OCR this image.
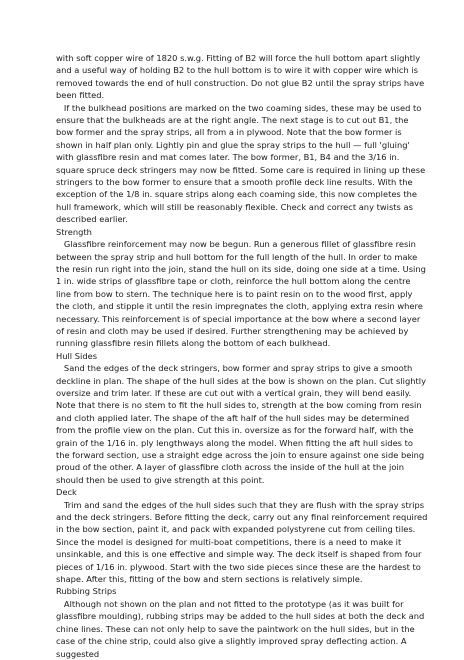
with soft copper wire of 1820 s.w.g. Fitting of B2 will force the hull bottom apart slightly and a useful way of holding B2 to the hull bottom is to wire it with copper wire which is removed towards the end of hull construction. Do not glue B2 until the spray strips have been fitted.

If the bulkhead positions are marked on the two coaming sides, these may be used to ensure that the bulkheads are at the right angle. The next stage is to cut out B1, the bow former and the spray strips, all from a in plywood. Note that the bow former is shown in half plan only. Lightly pin and glue the spray strips to the hull — full 'gluing' with glassfibre resin and mat comes later. The bow former, B1, B4 and the 3/16 in. square spruce deck stringers may now be fitted. Some care is required in lining up these stringers to the bow former to ensure that a smooth profile deck line results. With the exception of the 1/8 in. square strips along each coaming side, this now completes the hull framework, which will still be reasonably flexible. Check and correct any twists as described earlier.

Strength

Glassfibre reinforcement may now be begun. Run a generous fillet of glassfibre resin between the spray strip and hull bottom for the full length of the hull. In order to make the resin run right into the join, stand the hull on its side, doing one side at a time. Using 1 in. wide strips of glassfibre tape or cloth, reinforce the hull bottom along the centre line from bow to stern. The technique here is to paint resin on to the wood first, apply the cloth, and stipple it until the resin impregnates the cloth, applying extra resin where necessary. This reinforcement is of special importance at the bow where a second layer of resin and cloth may be used if desired. Further strengthening may be achieved by running glassfibre resin fillets along the bottom of each bulkhead.

Hull Sides

Sand the edges of the deck stringers, bow former and spray strips to give a smooth deckline in plan. The shape of the hull sides at the bow is shown on the plan. Cut slightly oversize and trim later. If these are cut out with a vertical grain, they will bend easily. Note that there is no stem to fit the hull sides to, strength at the bow coming from resin and cloth applied later. The shape of the aft half of the hull sides may be determined from the profile view on the plan. Cut this in. oversize as for the forward half, with the grain of the 1/16 in. ply lengthways along the model. When fitting the aft hull sides to the forward section, use a straight edge across the join to ensure against one side being proud of the other. A layer of glassfibre cloth across the inside of the hull at the join should then be used to give strength at this point.

Deck

Trim and sand the edges of the hull sides such that they are flush with the spray strips and the deck stringers. Before fitting the deck, carry out any final reinforcement required in the bow section, paint it, and pack with expanded polystyrene cut from ceiling tiles. Since the model is designed for multi-boat competitions, there is a need to make it unsinkable, and this is one effective and simple way. The deck itself is shaped from four pieces of 1/16 in. plywood. Start with the two side pieces since these are the hardest to shape. After this, fitting of the bow and stern sections is relatively simple.

Rubbing Strips

Although not shown on the plan and not fitted to the prototype (as it was built for glassfibre moulding), rubbing strips may be added to the hull sides at both the deck and chine lines. These can not only help to save the paintwork on the hull sides, but in the case of the chine strip, could also give a slightly improved spray deflecting action. A suggested
